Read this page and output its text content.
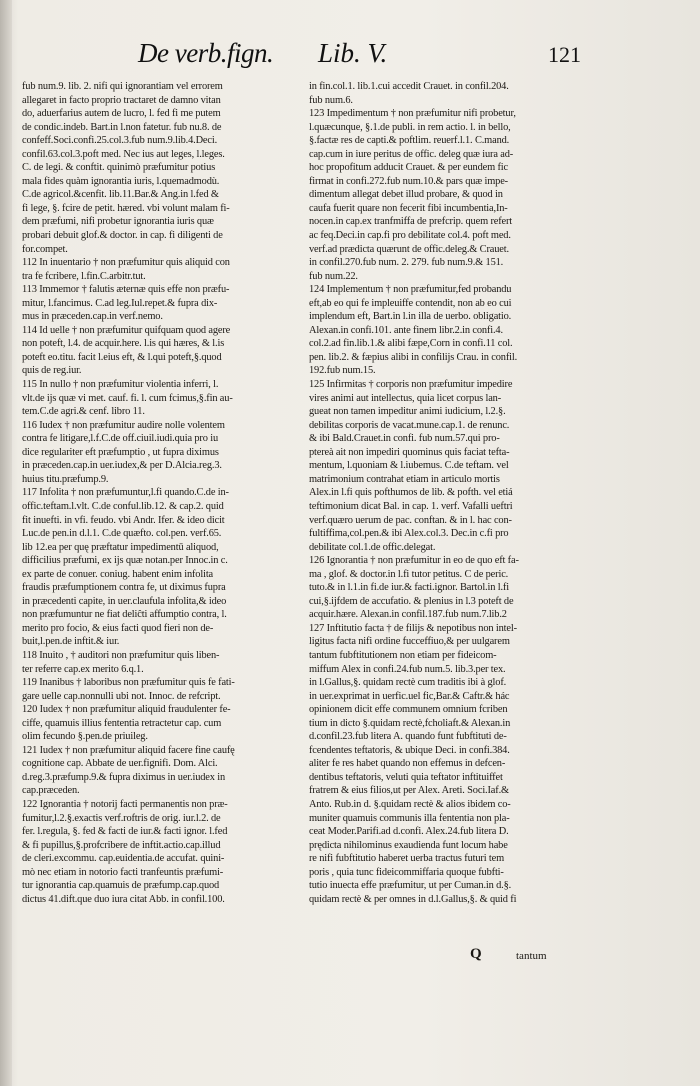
De verb.fign. Lib. V.	121
fub num.9. lib. 2. nifi qui ignorantiam vel errorem
allegaret in facto proprio tractaret de damno vitan
do, aduerfarius autem de lucro, l. fed fi me putem
de condic.indeb. Bart.in l.non fatetur. fub nu.8. de
confeff.Soci.confi.25.col.3.fub num.9.lib.4.Deci.
confil.63.col.3.poft med. Nec ius aut leges, l.leges.
C. de legi. & conftit. quinimò præfumitur potius
mala fides quàm ignorantia iuris, l.quemadmodù.
C.de agricol.&cenfit. lib.11.Bar.& Ang.in l.fed &
fi lege, §. fcire de petit. hæred. vbi volunt malam fi-
dem præfumi, nifi probetur ignorantia iuris quæ
probari debuit glof.& doctor. in cap. fi diligenti de
for.compet.
112 In inuentario † non præfumitur quis aliquid con
tra fe fcribere, l.fin.C.arbitr.tut.
113 Immemor † falutis æternæ quis effe non præfu-
mitur, l.fancimus. C.ad leg.Iul.repet.& fupra dix-
mus in præceden.cap.in verf.nemo.
114 Id uelle † non præfumitur quifquam quod agere
non poteft, l.4. de acquir.here. l.is qui hæres, & l.is
poteft eo.titu. facit l.eius eft, & l.qui poteft,§.quod
quis de reg.iur.
115 In nullo † non præfumitur violentia inferri, l.
vlt.de ijs quæ vi met. cauf. fi. l. cum fcimus,§.fin au-
tem.C.de agri.& cenf. libro 11.
116 Iudex † non præfumitur audire nolle volentem
contra fe litigare,l.f.C.de off.ciuil.iudi.quia pro iu
dice regulariter eft præfumptio , ut fupra diximus
in præceden.cap.in uer.iudex,& per D.Alcia.reg.3.
huius titu.præfump.9.
117 Infolita † non præfumuntur,l.fi quando.C.de in-
offic.teftam.l.vlt. C.de conful.lib.12. & cap.2. quid
fit inuefti. in vfi. feudo. vbi Andr. Ifer. & ideo dicit
Luc.de pen.in d.l.1. C.de quæfto. col.pen. verf.65.
lib 12.ea per quę præftatur impedimentū aliquod,
difficilius præfumi, ex ijs quæ notan.per Innoc.in c.
ex parte de conuer. coniug. habent enim infolita
fraudis præfumptionem contra fe, ut diximus fupra
in præcedenti capite, in uer.claufula infolita,& ideo
non præfumuntur ne fiat deliĉti affumptio contra, l.
merito pro focio, & eius facti quod fieri non de-
buit,l.pen.de inftit.& iur.
118 Inuito , † auditori non præfumitur quis liben-
ter referre cap.ex merito 6.q.1.
119 Inanibus † laboribus non præfumitur quis fe fati-
gare uelle cap.nonnulli ubi not. Innoc. de refcript.
120 Iudex † non præfumitur aliquid fraudulenter fe-
ciffe, quamuis illius fententia retractetur cap. cum
olim fecundo §.pen.de priuileg.
121 Iudex † non præfumitur aliquid facere fine caufę
cognitione cap. Abbate de uer.fignifi. Dom. Alci.
d.reg.3.præfump.9.& fupra diximus in uer.iudex in
cap.præceden.
122 Ignorantia † notorij facti permanentis non præ-
fumitur,l.2.§.exactis verf.roftris de orig. iur.l.2. de
fer. l.regula, §. fed & facti de iur.& facti ignor. l.fed
& fi pupillus,§.profcribere de inftit.actio.cap.illud
de cleri.excommu. cap.euidentia.de accufat. quini-
mò nec etiam in notorio facti tranfeuntis præfumi-
tur ignorantia cap.quamuis de præfump.cap.quod
dictus 41.dift.que duo iura citat Abb. in confil.100.
in fin.col.1. lib.1.cui accedit Crauet. in confil.204.
fub num.6.
123 Impedimentum † non præfumitur nifi probetur,
l.quæcunque, §.1.de publi. in rem actio. l. in bello,
§.factæ res de capti.& poftlim. reuerf.l.1. C.mand.
cap.cum in iure peritus de offic. deleg quæ iura ad-
hoc propofitum adducit Crauet. & per eundem fic
firmat in confi.272.fub num.10.& pars quæ impe-
dimentum allegat debet illud probare, & quod in
caufa fuerit quare non fecerit fibi incumbentia,In-
nocen.in cap.ex tranfmiffa de prefcrip. quem refert
ac feq.Deci.in cap.fi pro debilitate col.4. poft med.
verf.ad prædicta quærunt de offic.deleg.& Crauet.
in confil.270.fub num. 2. 279. fub num.9.& 151.
fub num.22.
124 Implementum † non præfumitur,fed probandu
eft,ab eo qui fe impleuiffe contendit, non ab eo cui
implendum eft, Bart.in l.in illa de uerbo. obligatio.
Alexan.in confi.101. ante finem libr.2.in confi.4.
col.2.ad fin.lib.1.& alibi fæpe,Corn in confi.11 col.
pen. lib.2. & fæpius alibi in confilijs Crau. in confil.
192.fub num.15.
125 Infirmitas † corporis non præfumitur impedire
vires animi aut intellectus, quia licet corpus lan-
gueat non tamen impeditur animi iudicium, l.2.§.
debilitas corporis de vacat.mune.cap.1. de renunc.
& ibi Bald.Crauet.in confi. fub num.57.qui pro-
ptereà ait non impediri quominus quis faciat tefta-
mentum, l.quoniam & l.iubemus. C.de teftam. vel
matrimonium contrahat etiam in articulo mortis
Alex.in l.fi quis pofthumos de lib. & pofth. vel etiá
teftimonium dicat Bal. in cap. 1. verf. Vafalli ueftri
verf.quæro uerum de pac. conftan. & in l. hac con-
fultiffima,col.pen.& ibi Alex.col.3. Dec.in c.fi pro
debilitate col.1.de offic.delegat.
126 Ignorantia † non præfumitur in eo de quo eft fa-
ma , glof. & doctor.in l.fi tutor petitus. C de peric.
tuto.& in l.1.in fi.de iur.& facti.ignor. Bartol.in l.fi
cui,§.ijfdem de accufatio. & plenius in l.3 poteft de
acquir.hære. Alexan.in confil.187.fub num.7.lib.2
127 Inftitutio facta † de filijs & nepotibus non intel-
ligitus facta nifi ordine fucceffiuo,& per uulgarem
tantum fubftitutionem non etiam per fideicom-
miffum Alex in confi.24.fub num.5. lib.3.per tex.
in l.Gallus,§. quidam rectè cum traditis ibi à glof.
in uer.exprimat in uerfic.uel fic,Bar.& Caftr.& hác
opinionem dicit effe communem omnium fcriben
tium in dicto §.quidam rectè,fcholiaft.& Alexan.in
d.confil.23.fub litera A. quando funt fubftituti de-
fcendentes teftatoris, & ubique Deci. in confi.384.
aliter fe res habet quando non effemus in defcen-
dentibus teftatoris, veluti quia teftator inftituiffet
fratrem & eius filios,ut per Alex. Areti. Soci.Iaf.&
Anto. Rub.in d. §.quidam rectè & alios ibidem co-
muniter quamuis communis illa fententia non pla-
ceat Moder.Parifi.ad d.confi. Alex.24.fub litera D.
prędicta nihilominus exaudienda funt locum habe
re nifi fubftitutio haberet uerba tractus futuri tem
poris , quia tunc fideicommiffaria quoque fubfti-
tutio inuecta effe præfumitur, ut per Cuman.in d.§.
quidam rectè & per omnes in d.l.Gallus,§. & quid fi
Q	tantum
